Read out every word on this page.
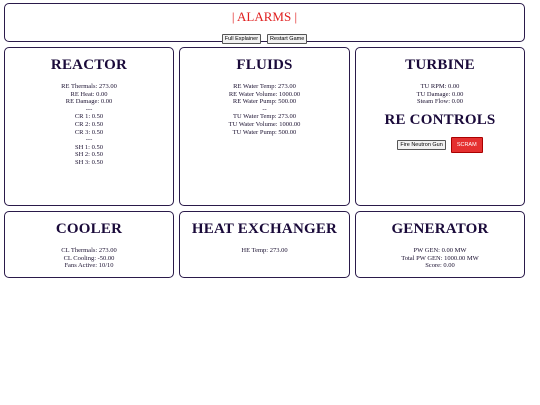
| ALARMS |
Full Explainer Restart Game
REACTOR
RE Thermals: 273.00
RE Heat: 0.00
RE Damage: 0.00
---
CR 1: 0.50
CR 2: 0.50
CR 3: 0.50
---
SH 1: 0.50
SH 2: 0.50
SH 3: 0.50
FLUIDS
RE Water Temp: 273.00
RE Water Volume: 1000.00
RE Water Pump: 500.00
--
TU Water Temp: 273.00
TU Water Volume: 1000.00
TU Water Pump: 500.00
TURBINE
TU RPM: 0.00
TU Damage: 0.00
Steam Flow: 0.00
RE CONTROLS
Fire Neutron Gun	SCRAM
COOLER
CL Thermals: 273.00
CL Cooling: -50.00
Fans Active: 10/10
HEAT EXCHANGER
HE Temp: 273.00
GENERATOR
PW GEN: 0.00 MW
Total PW GEN: 1000.00 MW
Score: 0.00
